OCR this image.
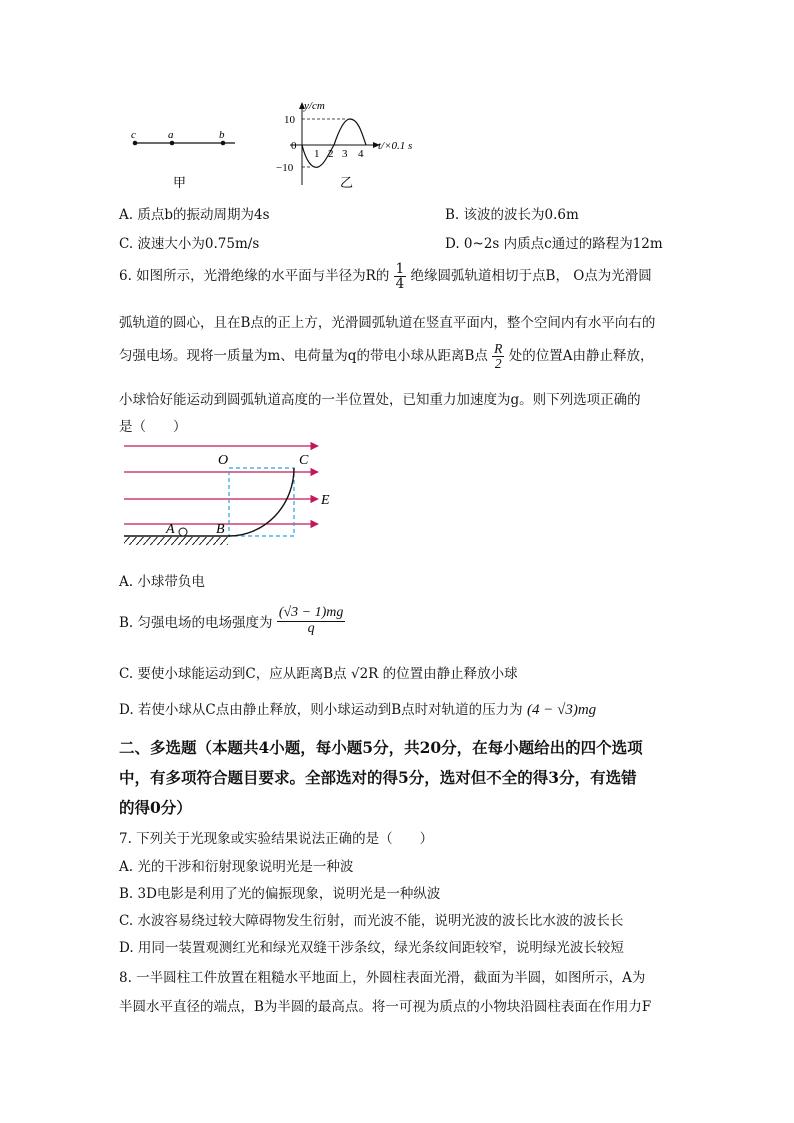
c	a	b
甲
y/cm
10
0
−10
1 2 3 4
t/×0.1 s
乙
A. 质点b的振动周期为4s	B. 该波的波长为0.6m
C. 波速大小为0.75m/s	D. 0~2s 内质点c通过的路程为12m
6. 如图所示，光滑绝缘的水平面与半径为R的 $\frac{1}{4}$ 绝缘圆弧轨道相切于点B， O点为光滑圆
弧轨道的圆心，且在B点的正上方，光滑圆弧轨道在竖直平面内，整个空间内有水平向右的
匀强电场。现将一质量为m、电荷量为q的带电小球从距离B点 $\frac{R}{2}$ 处的位置A由静止释放，
小球恰好能运动到圆弧轨道高度的一半位置处，已知重力加速度为g。则下列选项正确的
是（　　）
O	C
E
A	B
A. 小球带负电
B. 匀强电场的电场强度为 $\frac{(√3 - 1)mg}{q}$
C. 要使小球能运动到C，应从距离B点 √2R 的位置由静止释放小球
D. 若使小球从C点由静止释放，则小球运动到B点时对轨道的压力为 (4 − √3)mg
二、多选题（本题共4小题，每小题5分，共20分，在每小题给出的四个选项
中，有多项符合题目要求。全部选对的得5分，选对但不全的得3分，有选错
的得0分）
7. 下列关于光现象或实验结果说法正确的是（　　）
A. 光的干涉和衍射现象说明光是一种波
B. 3D电影是利用了光的偏振现象，说明光是一种纵波
C. 水波容易绕过较大障碍物发生衍射，而光波不能，说明光波的波长比水波的波长长
D. 用同一装置观测红光和绿光双缝干涉条纹，绿光条纹间距较窄，说明绿光波长较短
8. 一半圆柱工件放置在粗糙水平地面上，外圆柱表面光滑，截面为半圆，如图所示，A为
半圆水平直径的端点，B为半圆的最高点。将一可视为质点的小物块沿圆柱表面在作用力F
